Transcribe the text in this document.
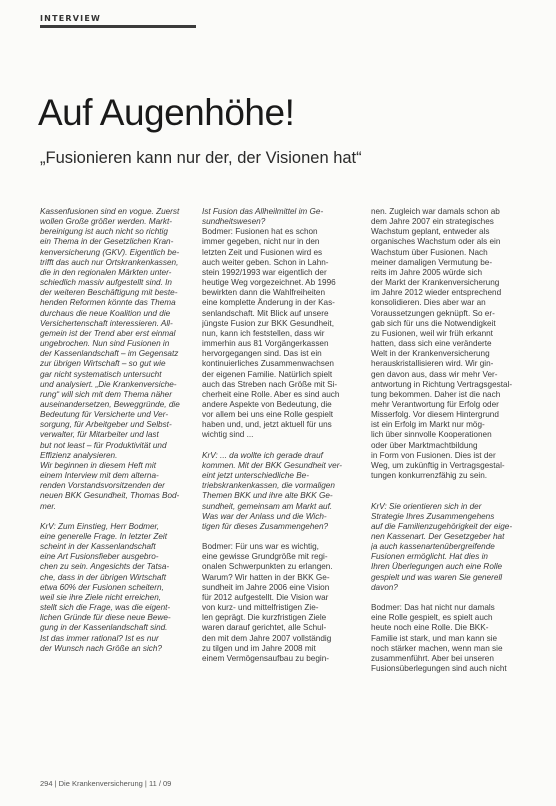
INTERVIEW
Auf Augenhöhe!
„Fusionieren kann nur der, der Visionen hat“

Kassenfusionen sind en vogue. Zuerst

wollen Große größer werden. Markt-

bereinigung ist auch nicht so richtig

ein Thema in der Gesetzlichen Kran-

kenversicherung (GKV). Eigentlich be-

trifft das auch nur Ortskrankenkassen,

die in den regionalen Märkten unter-

schiedlich massiv aufgestellt sind. In

der weiteren Beschäftigung mit beste-

henden Reformen könnte das Thema

durchaus die neue Koalition und die

Versichertenschaft interessieren. All-

gemein ist der Trend aber erst einmal

ungebrochen. Nun sind Fusionen in

der Kassenlandschaft – im Gegensatz

zur übrigen Wirtschaft – so gut wie

gar nicht systematisch untersucht

und analysiert. „Die Krankenversiche-

rung“ will sich mit dem Thema näher

auseinandersetzen, Beweggründe, die

Bedeutung für Versicherte und Ver-

sorgung, für Arbeitgeber und Selbst-

verwalter, für Mitarbeiter und last

but not least – für Produktivität und

Effizienz analysieren.

Wir beginnen in diesem Heft mit

einem Interview mit dem alterna-

renden Vorstandsvorsitzenden der

neuen BKK Gesundheit, Thomas Bod-

mer.

KrV: Zum Einstieg, Herr Bodmer,

eine generelle Frage. In letzter Zeit

scheint in der Kassenlandschaft

eine Art Fusionsfieber ausgebro-

chen zu sein. Angesichts der Tatsa-

che, dass in der übrigen Wirtschaft

etwa 60% der Fusionen scheitern,

weil sie ihre Ziele nicht erreichen,

stellt sich die Frage, was die eigent-

lichen Gründe für diese neue Bewe-

gung in der Kassenlandschaft sind.

Ist das immer rational? Ist es nur

der Wunsch nach Größe an sich?

Ist Fusion das Allheilmittel im Ge-

sundheitswesen?

Bodmer: Fusionen hat es schon

immer gegeben, nicht nur in den

letzten Zeit und Fusionen wird es

auch weiter geben. Schon in Lahn-

stein 1992/1993 war eigentlich der

heutige Weg vorgezeichnet. Ab 1996

bewirkten dann die Wahlfreiheiten

eine komplette Änderung in der Kas-

senlandschaft. Mit Blick auf unsere

jüngste Fusion zur BKK Gesundheit,

nun, kann ich feststellen, dass wir

immerhin aus 81 Vorgängerkassen

hervorgegangen sind. Das ist ein

kontinuierliches Zusammenwachsen

der eigenen Familie. Natürlich spielt

auch das Streben nach Größe mit Si-

cherheit eine Rolle. Aber es sind auch

andere Aspekte von Bedeutung, die

vor allem bei uns eine Rolle gespielt

haben und, und, jetzt aktuell für uns

wichtig sind ...

KrV: ... da wollte ich gerade drauf

kommen. Mit der BKK Gesundheit ver-

eint jetzt unterschiedliche Be-

triebskrankenkassen, die vormaligen

Themen BKK und ihre alte BKK Ge-

sundheit, gemeinsam am Markt auf.

Was war der Anlass und die Wich-

tigen für dieses Zusammengehen?

Bodmer: Für uns war es wichtig,

eine gewisse Grundgröße mit regi-

onalen Schwerpunkten zu erlangen.

Warum? Wir hatten in der BKK Ge-

sundheit im Jahre 2006 eine Vision

für 2012 aufgestellt. Die Vision war

von kurz- und mittelfristigen Zie-

len geprägt. Die kurzfristigen Ziele

waren darauf gerichtet, alle Schul-

den mit dem Jahre 2007 vollständig

zu tilgen und im Jahre 2008 mit

einem Vermögensaufbau zu begin-

nen. Zugleich war damals schon ab

dem Jahre 2007 ein strategisches

Wachstum geplant, entweder als

organisches Wachstum oder als ein

Wachstum über Fusionen. Nach

meiner damaligen Vermutung be-

reits im Jahre 2005 würde sich

der Markt der Krankenversicherung

im Jahre 2012 wieder entsprechend

konsolidieren. Dies aber war an

Voraussetzungen geknüpft. So er-

gab sich für uns die Notwendigkeit

zu Fusionen, weil wir früh erkannt

hatten, dass sich eine veränderte

Welt in der Krankenversicherung

herauskristallisieren wird. Wir gin-

gen davon aus, dass wir mehr Ver-

antwortung in Richtung Vertragsgestal-

tung bekommen. Daher ist die nach

mehr Verantwortung für Erfolg oder

Misserfolg. Vor diesem Hintergrund

ist ein Erfolg im Markt nur mög-

lich über sinnvolle Kooperationen

oder über Marktmachtbildung

in Form von Fusionen. Dies ist der

Weg, um zukünftig in Vertragsgestal-

tungen konkurrenzfähig zu sein.

KrV: Sie orientieren sich in der

Strategie Ihres Zusammengehens

auf die Familienzugehörigkeit der eige-

nen Kassenart. Der Gesetzgeber hat

ja auch kassenartenübergreifende

Fusionen ermöglicht. Hat dies in

Ihren Überlegungen auch eine Rolle

gespielt und was waren Sie generell

davon?

Bodmer: Das hat nicht nur damals

eine Rolle gespielt, es spielt auch

heute noch eine Rolle. Die BKK-

Familie ist stark, und man kann sie

noch stärker machen, wenn man sie

zusammenführt. Aber bei unseren

Fusionsüberlegungen sind auch nicht

294 | Die Krankenversicherung | 11 / 09
